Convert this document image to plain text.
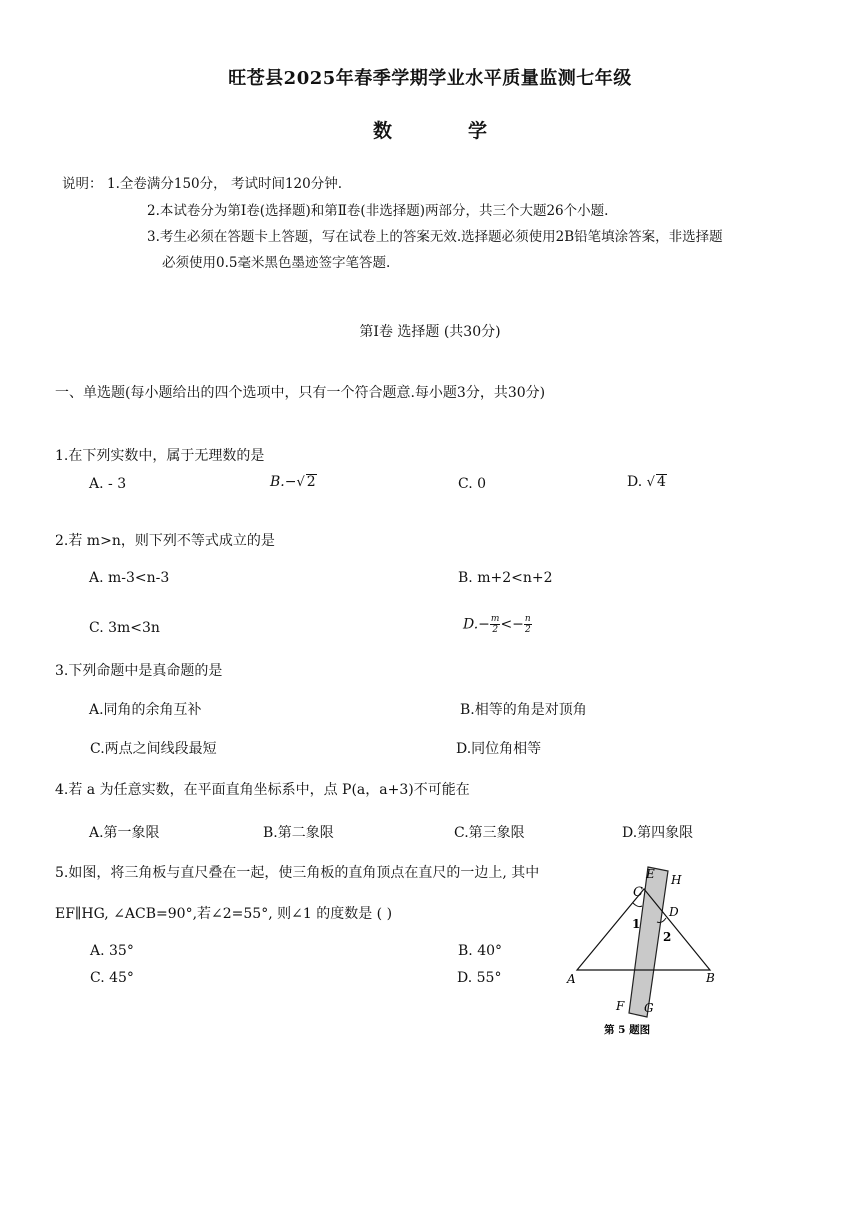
旺苍县2025年春季学期学业水平质量监测七年级
数	学
说明： 1.全卷满分150分， 考试时间120分钟.
2.本试卷分为第Ⅰ卷(选择题)和第Ⅱ卷(非选择题)两部分，共三个大题26个小题.
3.考生必须在答题卡上答题，写在试卷上的答案无效.选择题必须使用2B铅笔填涂答案，非选择题
必须使用0.5毫米黑色墨迹签字笔答题.
第Ⅰ卷 选择题 (共30分)
一、单选题(每小题给出的四个选项中，只有一个符合题意.每小题3分，共30分)
1.在下列实数中，属于无理数的是
A. - 3	B.−√ 2	C. 0	D. √ 4
2.若 m>n，则下列不等式成立的是
A. m-3<n-3	B. m+2<n+2
C. 3m<3n	$D.- \frac{m}{2} <- \frac{n}{2}$
3.下列命题中是真命题的是
A.同角的余角互补	B.相等的角是对顶角
C.两点之间线段最短	D.同位角相等
4.若 a 为任意实数，在平面直角坐标系中，点 P(a，a+3)不可能在
A.第一象限	B.第二象限	C.第三象限	D.第四象限
5.如图，将三角板与直尺叠在一起，使三角板的直角顶点在直尺的一边上, 其中
EF∥HG, ∠ACB=90°,若∠2=55°, 则∠1 的度数是 ( )
A. 35°	B. 40°
C. 45°	D. 55°
E H
C
D
1
2
A	B
F G
第 5 题图
